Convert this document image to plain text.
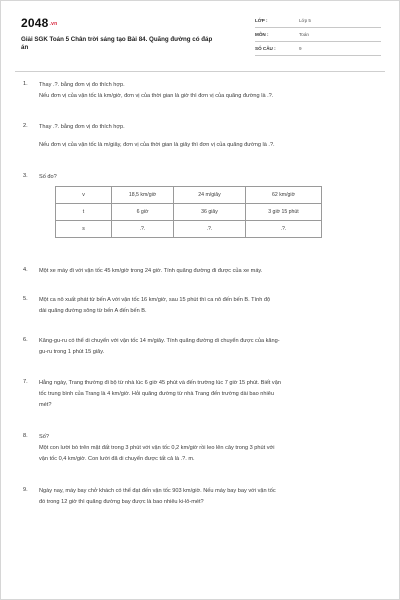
2048.vn
Giải SGK Toán 5 Chân trời sáng tạo Bài 84. Quãng đường có đáp án
LỚP :	Lớp 5
MÔN :	Toán
SỐ CÂU :	9
1. Thay .?. bằng đơn vị đo thích hợp.
Nếu đơn vị của vận tốc là km/giờ, đơn vị của thời gian là giờ thì đơn vị của quãng đường là .?.
2. Thay .?. bằng đơn vị đo thích hợp.
Nếu đơn vị của vận tốc là m/giây, đơn vị của thời gian là giây thì đơn vị của quãng đường là .?.
3. Số đo?
v	18,5 km/giờ	24 m/giây	62 km/giờ
t	6 giờ	36 giây	3 giờ 15 phút
s	.?.	.?.	.?.
4. Một xe máy đi với vận tốc 45 km/giờ trong 24 giờ. Tính quãng đường đi được của xe máy.
5. Một ca nô xuất phát từ bến A với vận tốc 16 km/giờ, sau 15 phút thì ca nô đến bến B. Tính độ
dài quãng đường sông từ bến A đến bến B.
6. Kăng-gu-ru có thể di chuyển với vận tốc 14 m/giây. Tính quãng đường di chuyển được của kăng-
gu-ru trong 1 phút 15 giây.
7. Hằng ngày, Trang thường đi bộ từ nhà lúc 6 giờ 45 phút và đến trường lúc 7 giờ 15 phút. Biết vận
tốc trung bình của Trang là 4 km/giờ. Hỏi quãng đường từ nhà Trang đến trường dài bao nhiêu
mét?
8. Số?
Một con lười bò trên mặt đất trong 3 phút với vận tốc 0,2 km/giờ rồi leo lên cây trong 3 phút với
vận tốc 0,4 km/giờ. Con lười đã di chuyển được tất cả là .?. m.
9. Ngày nay, máy bay chở khách có thể đạt đến vận tốc 903 km/giờ. Nếu máy bay bay với vận tốc
đó trong 12 giờ thì quãng đường bay được là bao nhiêu ki-lô-mét?
